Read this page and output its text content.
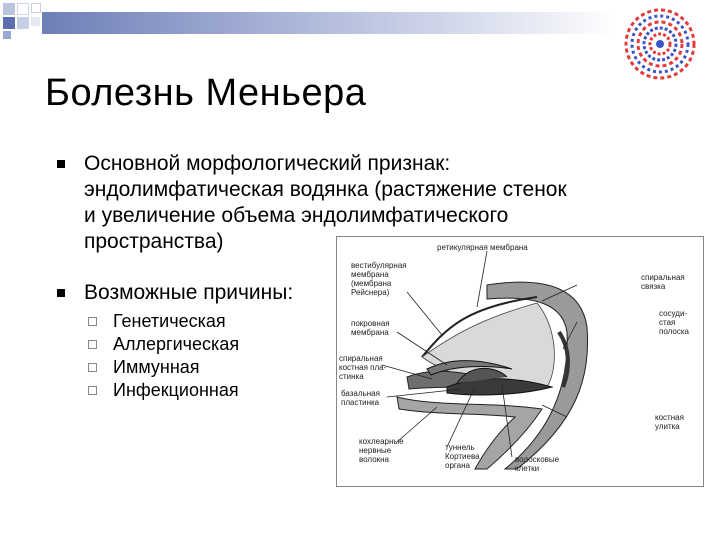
Болезнь Меньера
Основной морфологический признак:
эндолимфатическая водянка (растяжение стенок
и увеличение объема эндолимфатического
пространства)
Возможные причины:
Генетическая
Аллергическая
Иммунная
Инфекционная
ретикулярная мембрана
вестибулярная
мембрана
(мембрана
Рейснера)
спиральная
связка
покровная
мембрана
сосуди-
стая
полоска
спиральная
костная пла-
стинка
базальная
пластинка
костная
улитка
кохлеарные
нервные
волокна
туннель
Кортиева
органа
волосковые
клетки
